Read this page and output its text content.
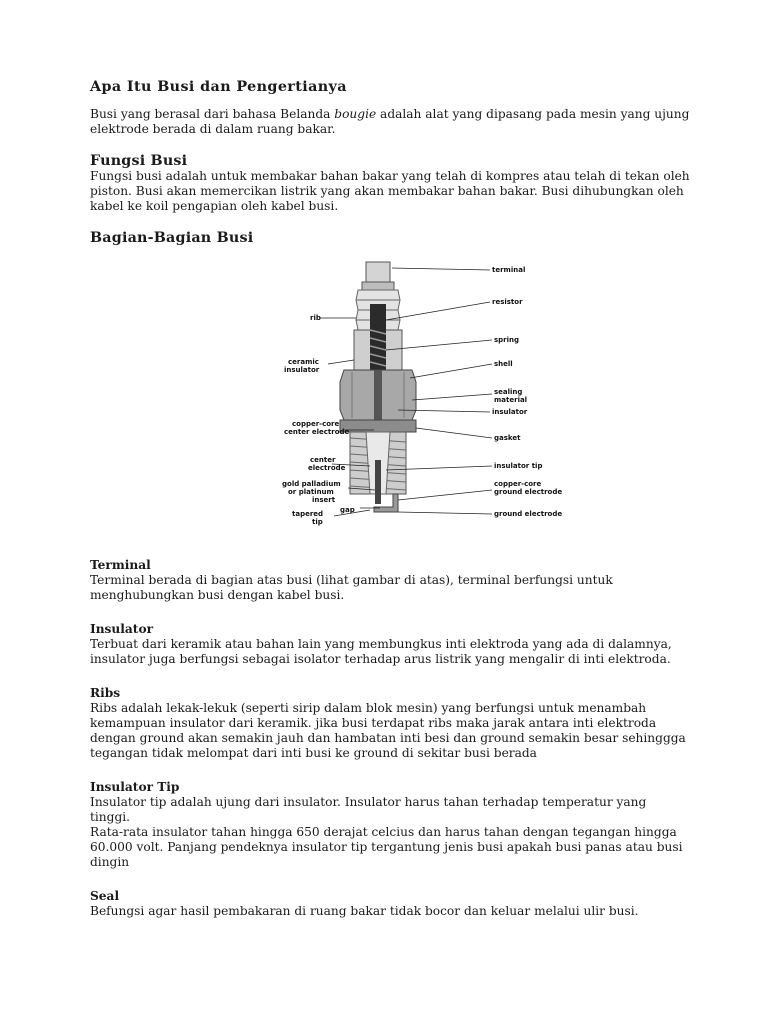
Apa Itu Busi dan Pengertianya

Busi yang berasal dari bahasa Belanda bougie adalah alat yang dipasang pada mesin yang ujung
elektrode berada di dalam ruang bakar.

Fungsi Busi

Fungsi busi adalah untuk membakar bahan bakar yang telah di kompres atau telah di tekan oleh
piston. Busi akan memercikan listrik yang akan membakar bahan bakar. Busi dihubungkan oleh
kabel ke koil pengapian oleh kabel busi.

Bagian-Bagian Busi
rib
ceramic
insulator
copper-core
center electrode
center
electrode
gold palladium
or platinum
insert
tapered
tip
gap
terminal
resistor
spring
shell
sealing
material
insulator
gasket
insulator tip
copper-core
ground electrode
ground electrode
Terminal

Terminal berada di bagian atas busi (lihat gambar di atas), terminal berfungsi untuk
menghubungkan busi dengan kabel busi.

Insulator

Terbuat dari keramik atau bahan lain yang membungkus inti elektroda yang ada di dalamnya,
insulator juga berfungsi sebagai isolator terhadap arus listrik yang mengalir di inti elektroda.

Ribs

Ribs adalah lekak-lekuk (seperti sirip dalam blok mesin) yang berfungsi untuk menambah
kemampuan insulator dari keramik. jika busi terdapat ribs maka jarak antara inti elektroda
dengan ground akan semakin jauh dan hambatan inti besi dan ground semakin besar sehinggga
tegangan tidak melompat dari inti busi ke ground di sekitar busi berada

Insulator Tip

Insulator tip adalah ujung dari insulator. Insulator harus tahan terhadap temperatur yang tinggi.
Rata-rata insulator tahan hingga 650 derajat celcius dan harus tahan dengan tegangan hingga
60.000 volt. Panjang pendeknya insulator tip tergantung jenis busi apakah busi panas atau busi
dingin

Seal

Befungsi agar hasil pembakaran di ruang bakar tidak bocor dan keluar melalui ulir busi.
